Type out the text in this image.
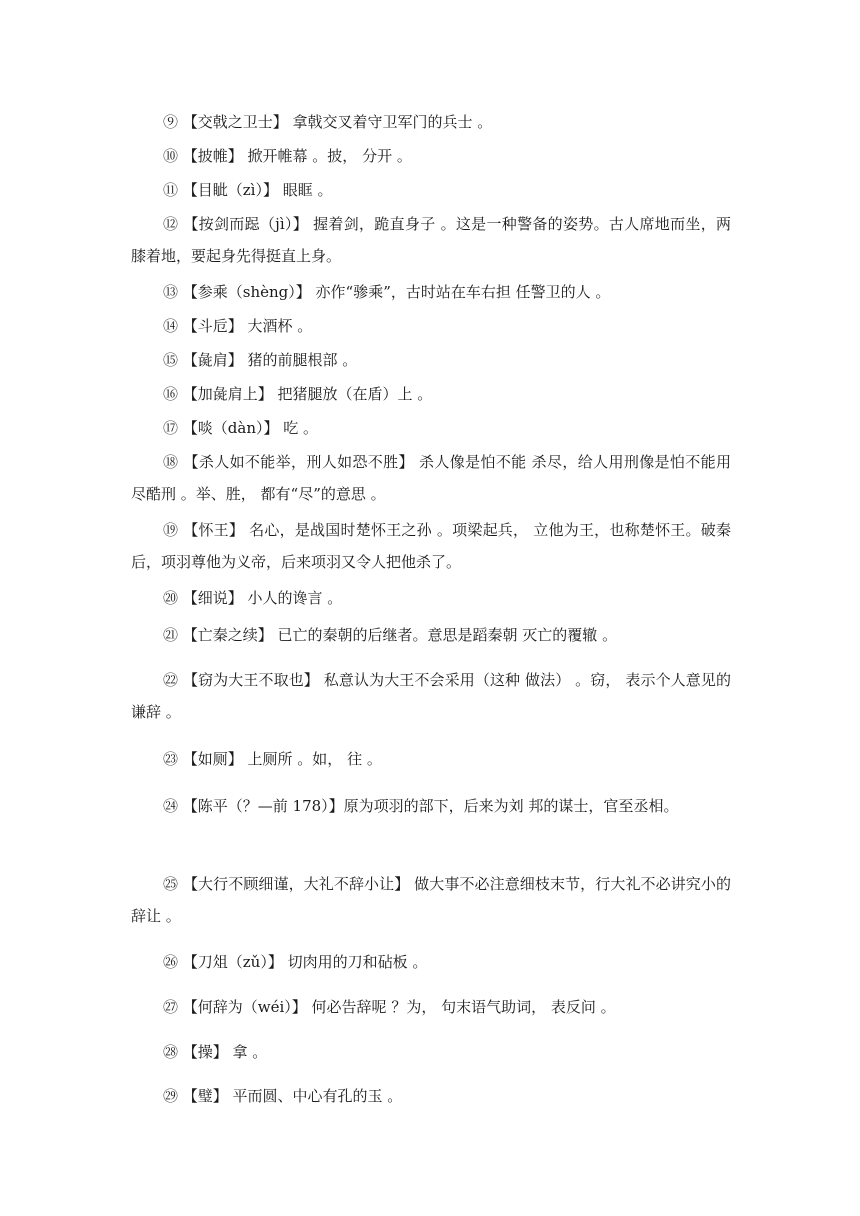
⑨ 【交戟之卫士】 拿戟交叉着守卫军门的兵士 。

⑩ 【披帷】 掀开帷幕 。披， 分开 。

⑪ 【目眦（zì）】 眼眶 。

⑫ 【按剑而跽（jì）】 握着剑，跪直身子 。这是一种警备的姿势。古人席地而坐，两膝着地，要起身先得挺直上身。

⑬ 【参乘（shèng）】 亦作“骖乘”，古时站在车右担 任警卫的人 。

⑭ 【斗卮】 大酒杯 。

⑮ 【彘肩】 猪的前腿根部 。

⑯ 【加彘肩上】 把猪腿放（在盾）上 。

⑰ 【啖（dàn）】 吃 。

⑱ 【杀人如不能举，刑人如恐不胜】 杀人像是怕不能 杀尽，给人用刑像是怕不能用尽酷刑 。举、胜， 都有“尽”的意思 。

⑲ 【怀王】 名心，是战国时楚怀王之孙 。项梁起兵， 立他为王，也称楚怀王。破秦后，项羽尊他为义帝，后来项羽又令人把他杀了。

⑳ 【细说】 小人的谗言 。

㉑ 【亡秦之续】 已亡的秦朝的后继者。意思是蹈秦朝 灭亡的覆辙 。

㉒ 【窃为大王不取也】 私意认为大王不会采用（这种 做法） 。窃， 表示个人意见的谦辞 。

㉓ 【如厕】 上厕所 。如， 往 。

㉔ 【陈平（？—前 178）】原为项羽的部下，后来为刘 邦的谋士，官至丞相。

㉕ 【大行不顾细谨，大礼不辞小让】 做大事不必注意细枝末节，行大礼不必讲究小的辞让 。

㉖ 【刀俎（zǔ）】 切肉用的刀和砧板 。

㉗ 【何辞为（wéi）】 何必告辞呢 ？为， 句末语气助词， 表反问 。

㉘ 【操】 拿 。

㉙ 【璧】 平而圆、中心有孔的玉 。
